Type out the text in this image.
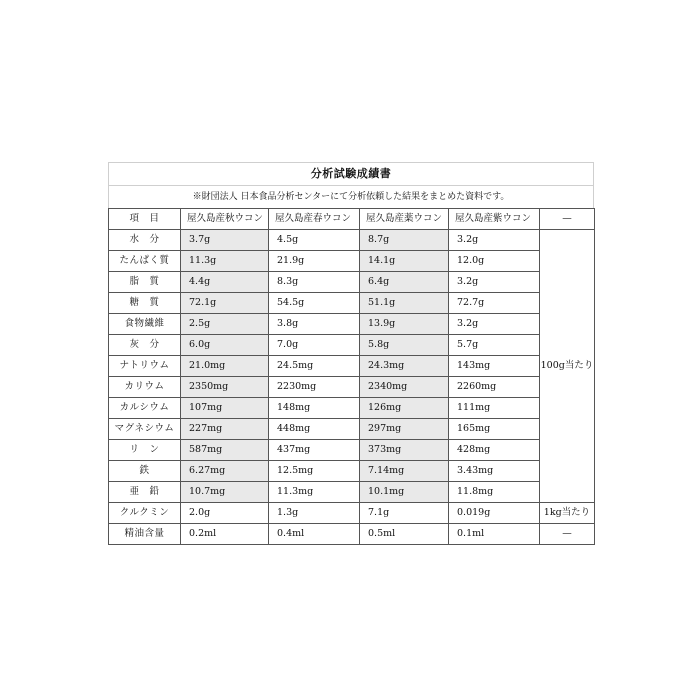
分析試験成績書
※財団法人 日本食品分析センターにて分析依頼した結果をまとめた資料です。
項　目	屋久島産秋ウコン	屋久島産春ウコン	屋久島産薬ウコン	屋久島産紫ウコン	—
水　分	3.7g	4.5g	8.7g	3.2g	100g当たり
たんぱく質	11.3g	21.9g	14.1g	12.0g	
脂　質	4.4g	8.3g	6.4g	3.2g	
糖　質	72.1g	54.5g	51.1g	72.7g	
食物繊維	2.5g	3.8g	13.9g	3.2g	
灰　分	6.0g	7.0g	5.8g	5.7g	
ナトリウム	21.0mg	24.5mg	24.3mg	143mg	
カリウム	2350mg	2230mg	2340mg	2260mg	
カルシウム	107mg	148mg	126mg	111mg	
マグネシウム	227mg	448mg	297mg	165mg	
リ　ン	587mg	437mg	373mg	428mg	
鉄	6.27mg	12.5mg	7.14mg	3.43mg	
亜　鉛	10.7mg	11.3mg	10.1mg	11.8mg	
クルクミン	2.0g	1.3g	7.1g	0.019g	1kg当たり
精油含量	0.2ml	0.4ml	0.5ml	0.1ml	—
